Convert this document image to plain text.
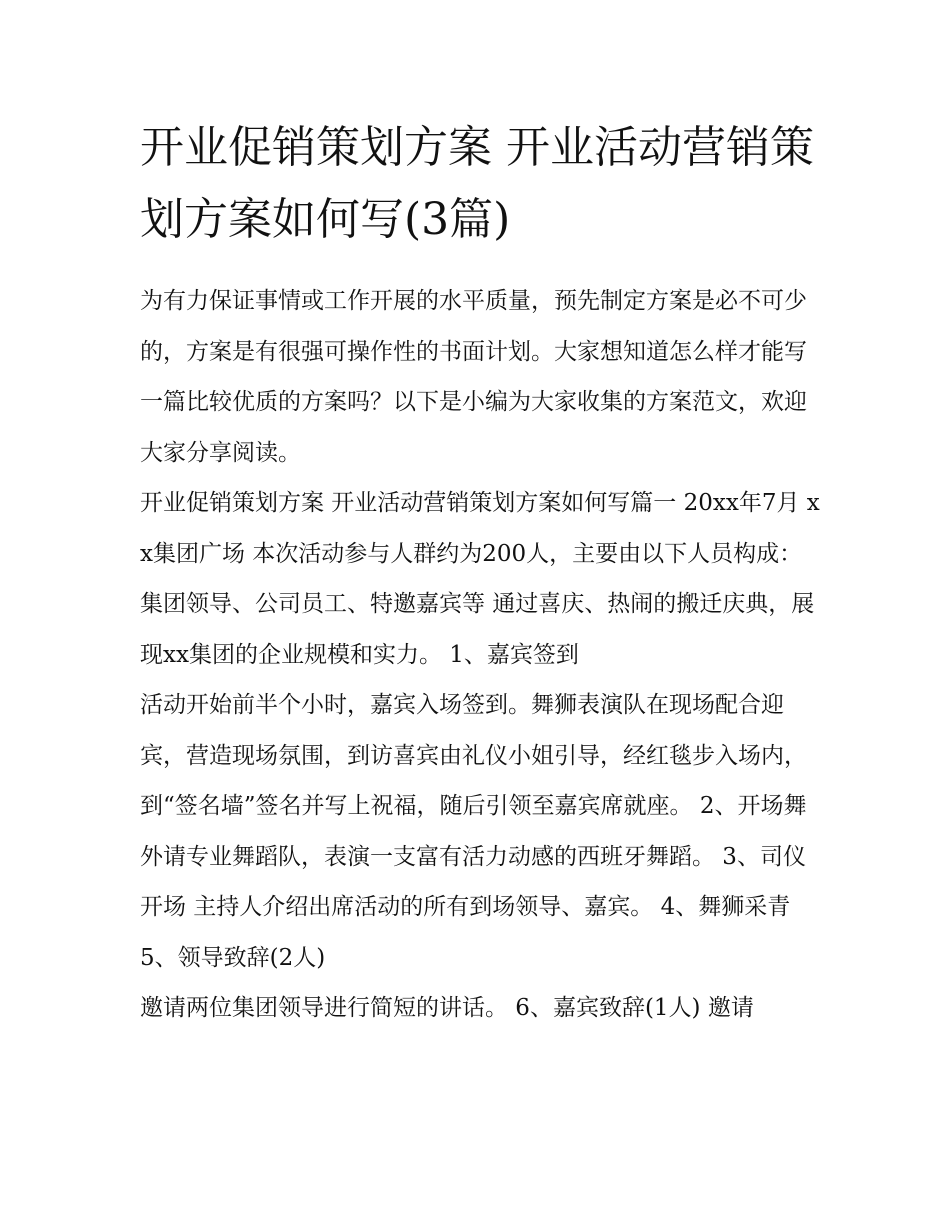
开业促销策划方案 开业活动营销策划方案如何写(3篇)

为有力保证事情或工作开展的水平质量，预先制定方案是必不可少的，方案是有很强可操作性的书面计划。大家想知道怎么样才能写一篇比较优质的方案吗？以下是小编为大家收集的方案范文，欢迎大家分享阅读。

开业促销策划方案 开业活动营销策划方案如何写篇一 20xx年7月 xx集团广场 本次活动参与人群约为200人，主要由以下人员构成：

集团领导、公司员工、特邀嘉宾等 通过喜庆、热闹的搬迁庆典，展现xx集团的企业规模和实力。 1、嘉宾签到

活动开始前半个小时，嘉宾入场签到。舞狮表演队在现场配合迎宾，营造现场氛围，到访喜宾由礼仪小姐引导，经红毯步入场内，到“签名墙”签名并写上祝福，随后引领至嘉宾席就座。 2、开场舞 外请专业舞蹈队，表演一支富有活力动感的西班牙舞蹈。 3、司仪开场 主持人介绍出席活动的所有到场领导、嘉宾。 4、舞狮采青 5、领导致辞(2人)

邀请两位集团领导进行简短的讲话。 6、嘉宾致辞(1人) 邀请
